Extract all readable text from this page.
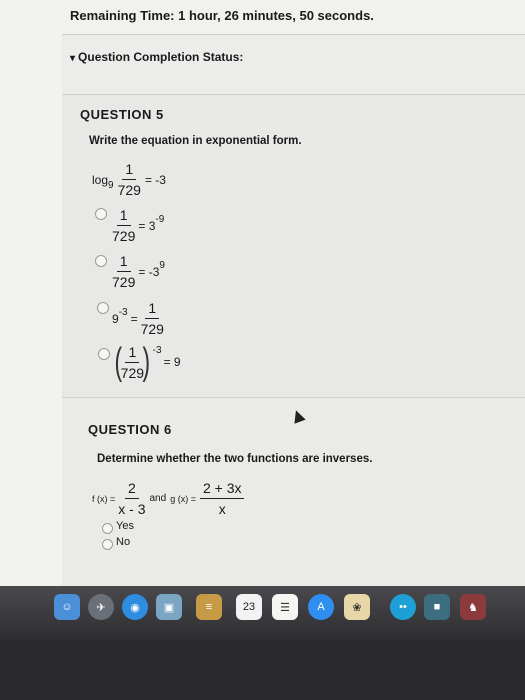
Remaining Time: 1 hour, 26 minutes, 50 seconds.
▾ Question Completion Status:
QUESTION 5
Write the equation in exponential form.
$\log 9 \frac{1}{729} = -3$
$\frac{1}{729} = 3$ -9
$\frac{1}{729} = -3$ 9
9 $-3 = \frac{1}{729}$
(
$\frac{1}{729}$
) -3
= 9
QUESTION 6
Determine whether the two functions are inverses.
f $(x) = \frac{2}{x - 3}$ and g $(x) = \frac{2 + 3x}{x}$
Yes
No
☺	✈	◉	▣	≡	23	☰	A	❀	••	■	♞
